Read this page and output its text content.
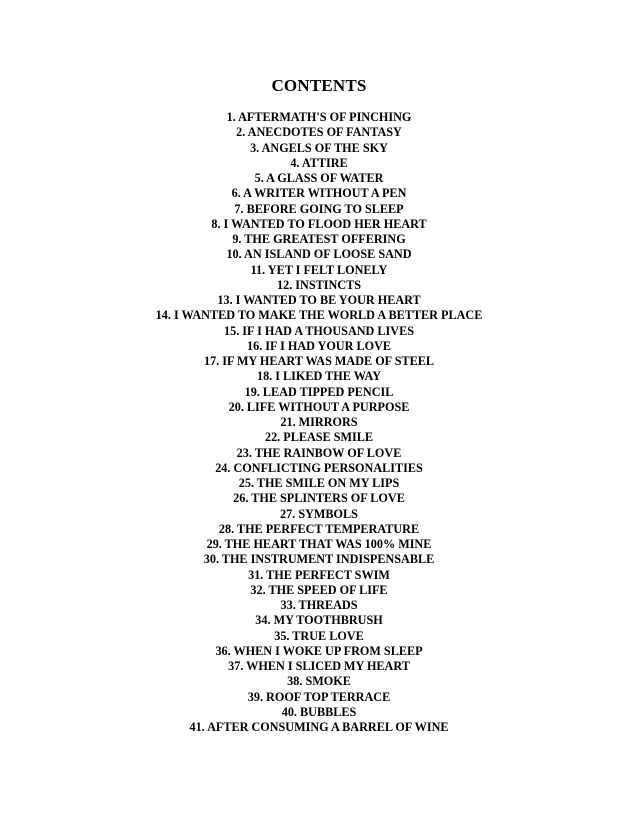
CONTENTS
1. AFTERMATH'S OF PINCHING
2. ANECDOTES OF FANTASY
3. ANGELS OF THE SKY
4. ATTIRE
5. A GLASS OF WATER
6. A WRITER WITHOUT A PEN
7. BEFORE GOING TO SLEEP
8. I WANTED TO FLOOD HER HEART
9. THE GREATEST OFFERING
10. AN ISLAND OF LOOSE SAND
11. YET I FELT LONELY
12. INSTINCTS
13. I WANTED TO BE YOUR HEART
14. I WANTED TO MAKE THE WORLD A BETTER PLACE
15. IF I HAD A THOUSAND LIVES
16. IF I HAD YOUR LOVE
17. IF MY HEART WAS MADE OF STEEL
18. I LIKED THE WAY
19. LEAD TIPPED PENCIL
20. LIFE WITHOUT A PURPOSE
21. MIRRORS
22. PLEASE SMILE
23. THE RAINBOW OF LOVE
24. CONFLICTING PERSONALITIES
25. THE SMILE ON MY LIPS
26. THE SPLINTERS OF LOVE
27. SYMBOLS
28. THE PERFECT TEMPERATURE
29. THE HEART THAT WAS 100% MINE
30. THE INSTRUMENT INDISPENSABLE
31. THE PERFECT SWIM
32. THE SPEED OF LIFE
33. THREADS
34. MY TOOTHBRUSH
35. TRUE LOVE
36. WHEN I WOKE UP FROM SLEEP
37. WHEN I SLICED MY HEART
38. SMOKE
39. ROOF TOP TERRACE
40. BUBBLES
41. AFTER CONSUMING A BARREL OF WINE
